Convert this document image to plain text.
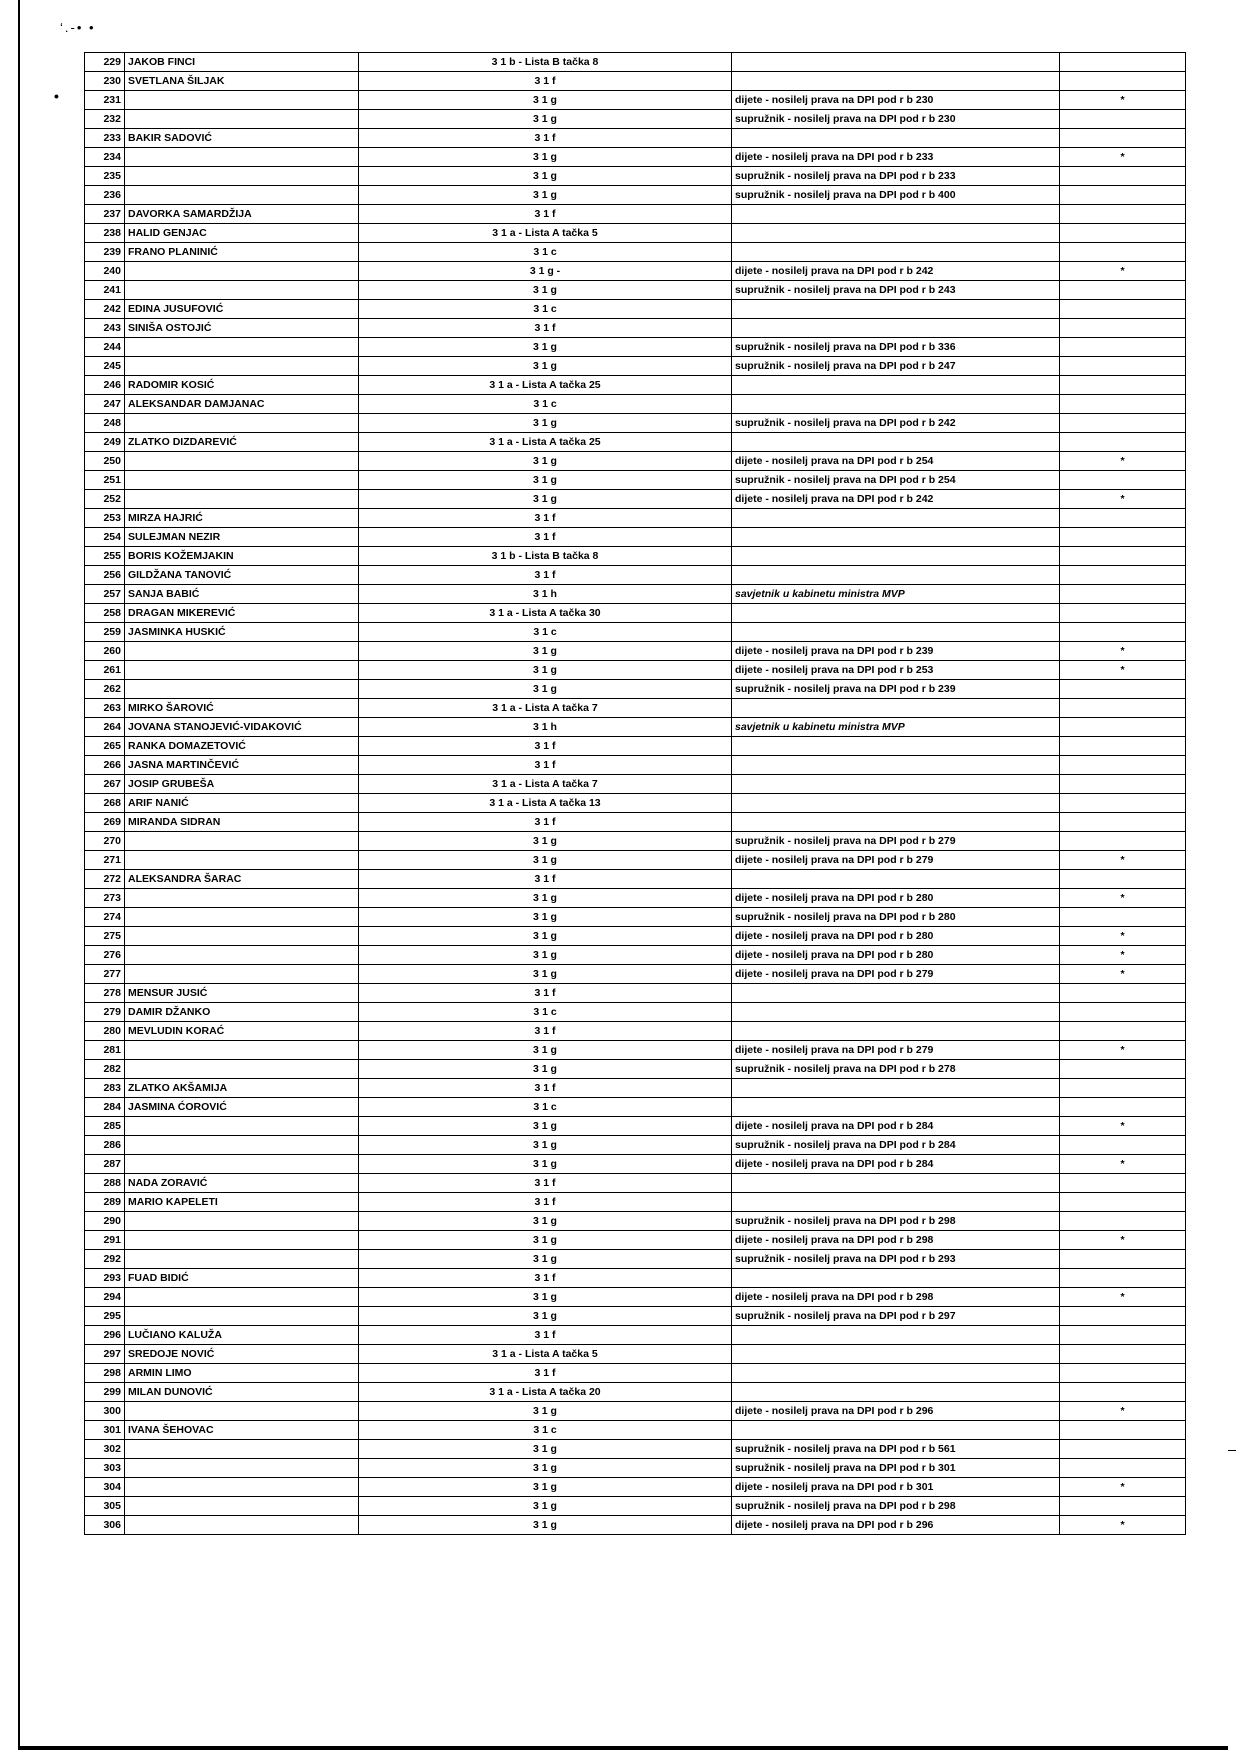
‘.-• •
•
229	JAKOB FINCI	3 1 b - Lista B tačka 8		
230	SVETLANA ŠILJAK	3 1 f		
231		3 1 g	dijete - nosilelj prava na DPI pod r b 230	*
232		3 1 g	supružnik - nosilelj prava na DPI pod r b 230	
233	BAKIR SADOVIĆ	3 1 f		
234		3 1 g	dijete - nosilelj prava na DPI pod r b 233	*
235		3 1 g	supružnik - nosilelj prava na DPI pod r b 233	
236		3 1 g	supružnik - nosilelj prava na DPI pod r b 400	
237	DAVORKA SAMARDŽIJA	3 1 f		
238	HALID GENJAC	3 1 a - Lista A tačka 5		
239	FRANO PLANINIĆ	3 1 c		
240		3 1 g -	dijete - nosilelj prava na DPI pod r b 242	*
241		3 1 g	supružnik - nosilelj prava na DPI pod r b 243	
242	EDINA JUSUFOVIĆ	3 1 c		
243	SINIŠA OSTOJIĆ	3 1 f		
244		3 1 g	supružnik - nosilelj prava na DPI pod r b 336	
245		3 1 g	supružnik - nosilelj prava na DPI pod r b 247	
246	RADOMIR KOSIĆ	3 1 a - Lista A tačka 25		
247	ALEKSANDAR DAMJANAC	3 1 c		
248		3 1 g	supružnik - nosilelj prava na DPI pod r b 242	
249	ZLATKO DIZDAREVIĆ	3 1 a - Lista A tačka 25		
250		3 1 g	dijete - nosilelj prava na DPI pod r b 254	*
251		3 1 g	supružnik - nosilelj prava na DPI pod r b 254	
252		3 1 g	dijete - nosilelj prava na DPI pod r b 242	*
253	MIRZA HAJRIĆ	3 1 f		
254	SULEJMAN NEZIR	3 1 f		
255	BORIS KOŽEMJAKIN	3 1 b - Lista B tačka 8		
256	GILDŽANA TANOVIĆ	3 1 f		
257	SANJA BABIĆ	3 1 h	savjetnik u kabinetu ministra MVP	
258	DRAGAN MIKEREVIĆ	3 1 a - Lista A tačka 30		
259	JASMINKA HUSKIĆ	3 1 c		
260		3 1 g	dijete - nosilelj prava na DPI pod r b 239	*
261		3 1 g	dijete - nosilelj prava na DPI pod r b 253	*
262		3 1 g	supružnik - nosilelj prava na DPI pod r b 239	
263	MIRKO ŠAROVIĆ	3 1 a - Lista A tačka 7		
264	JOVANA STANOJEVIĆ-VIDAKOVIĆ	3 1 h	savjetnik u kabinetu ministra MVP	
265	RANKA DOMAZETOVIĆ	3 1 f		
266	JASNA MARTINČEVIĆ	3 1 f		
267	JOSIP GRUBEŠA	3 1 a - Lista A tačka 7		
268	ARIF NANIĆ	3 1 a - Lista A tačka 13		
269	MIRANDA SIDRAN	3 1 f		
270		3 1 g	supružnik - nosilelj prava na DPI pod r b 279	
271		3 1 g	dijete - nosilelj prava na DPI pod r b 279	*
272	ALEKSANDRA ŠARAC	3 1 f		
273		3 1 g	dijete - nosilelj prava na DPI pod r b 280	*
274		3 1 g	supružnik - nosilelj prava na DPI pod r b 280	
275		3 1 g	dijete - nosilelj prava na DPI pod r b 280	*
276		3 1 g	dijete - nosilelj prava na DPI pod r b 280	*
277		3 1 g	dijete - nosilelj prava na DPI pod r b 279	*
278	MENSUR JUSIĆ	3 1 f		
279	DAMIR DŽANKO	3 1 c		
280	MEVLUDIN KORAĆ	3 1 f		
281		3 1 g	dijete - nosilelj prava na DPI pod r b 279	*
282		3 1 g	supružnik - nosilelj prava na DPI pod r b 278	
283	ZLATKO AKŠAMIJA	3 1 f		
284	JASMINA ĆOROVIĆ	3 1 c		
285		3 1 g	dijete - nosilelj prava na DPI pod r b 284	*
286		3 1 g	supružnik - nosilelj prava na DPI pod r b 284	
287		3 1 g	dijete - nosilelj prava na DPI pod r b 284	*
288	NADA ZORAVIĆ	3 1 f		
289	MARIO KAPELETI	3 1 f		
290		3 1 g	supružnik - nosilelj prava na DPI pod r b 298	
291		3 1 g	dijete - nosilelj prava na DPI pod r b 298	*
292		3 1 g	supružnik - nosilelj prava na DPI pod r b 293	
293	FUAD BIDIĆ	3 1 f		
294		3 1 g	dijete - nosilelj prava na DPI pod r b 298	*
295		3 1 g	supružnik - nosilelj prava na DPI pod r b 297	
296	LUČIANO KALUŽA	3 1 f		
297	SREDOJE NOVIĆ	3 1 a - Lista A tačka 5		
298	ARMIN LIMO	3 1 f		
299	MILAN DUNOVIĆ	3 1 a - Lista A tačka 20		
300		3 1 g	dijete - nosilelj prava na DPI pod r b 296	*
301	IVANA ŠEHOVAC	3 1 c		
302		3 1 g	supružnik - nosilelj prava na DPI pod r b 561	
303		3 1 g	supružnik - nosilelj prava na DPI pod r b 301	
304		3 1 g	dijete - nosilelj prava na DPI pod r b 301	*
305		3 1 g	supružnik - nosilelj prava na DPI pod r b 298	
306		3 1 g	dijete - nosilelj prava na DPI pod r b 296	*
